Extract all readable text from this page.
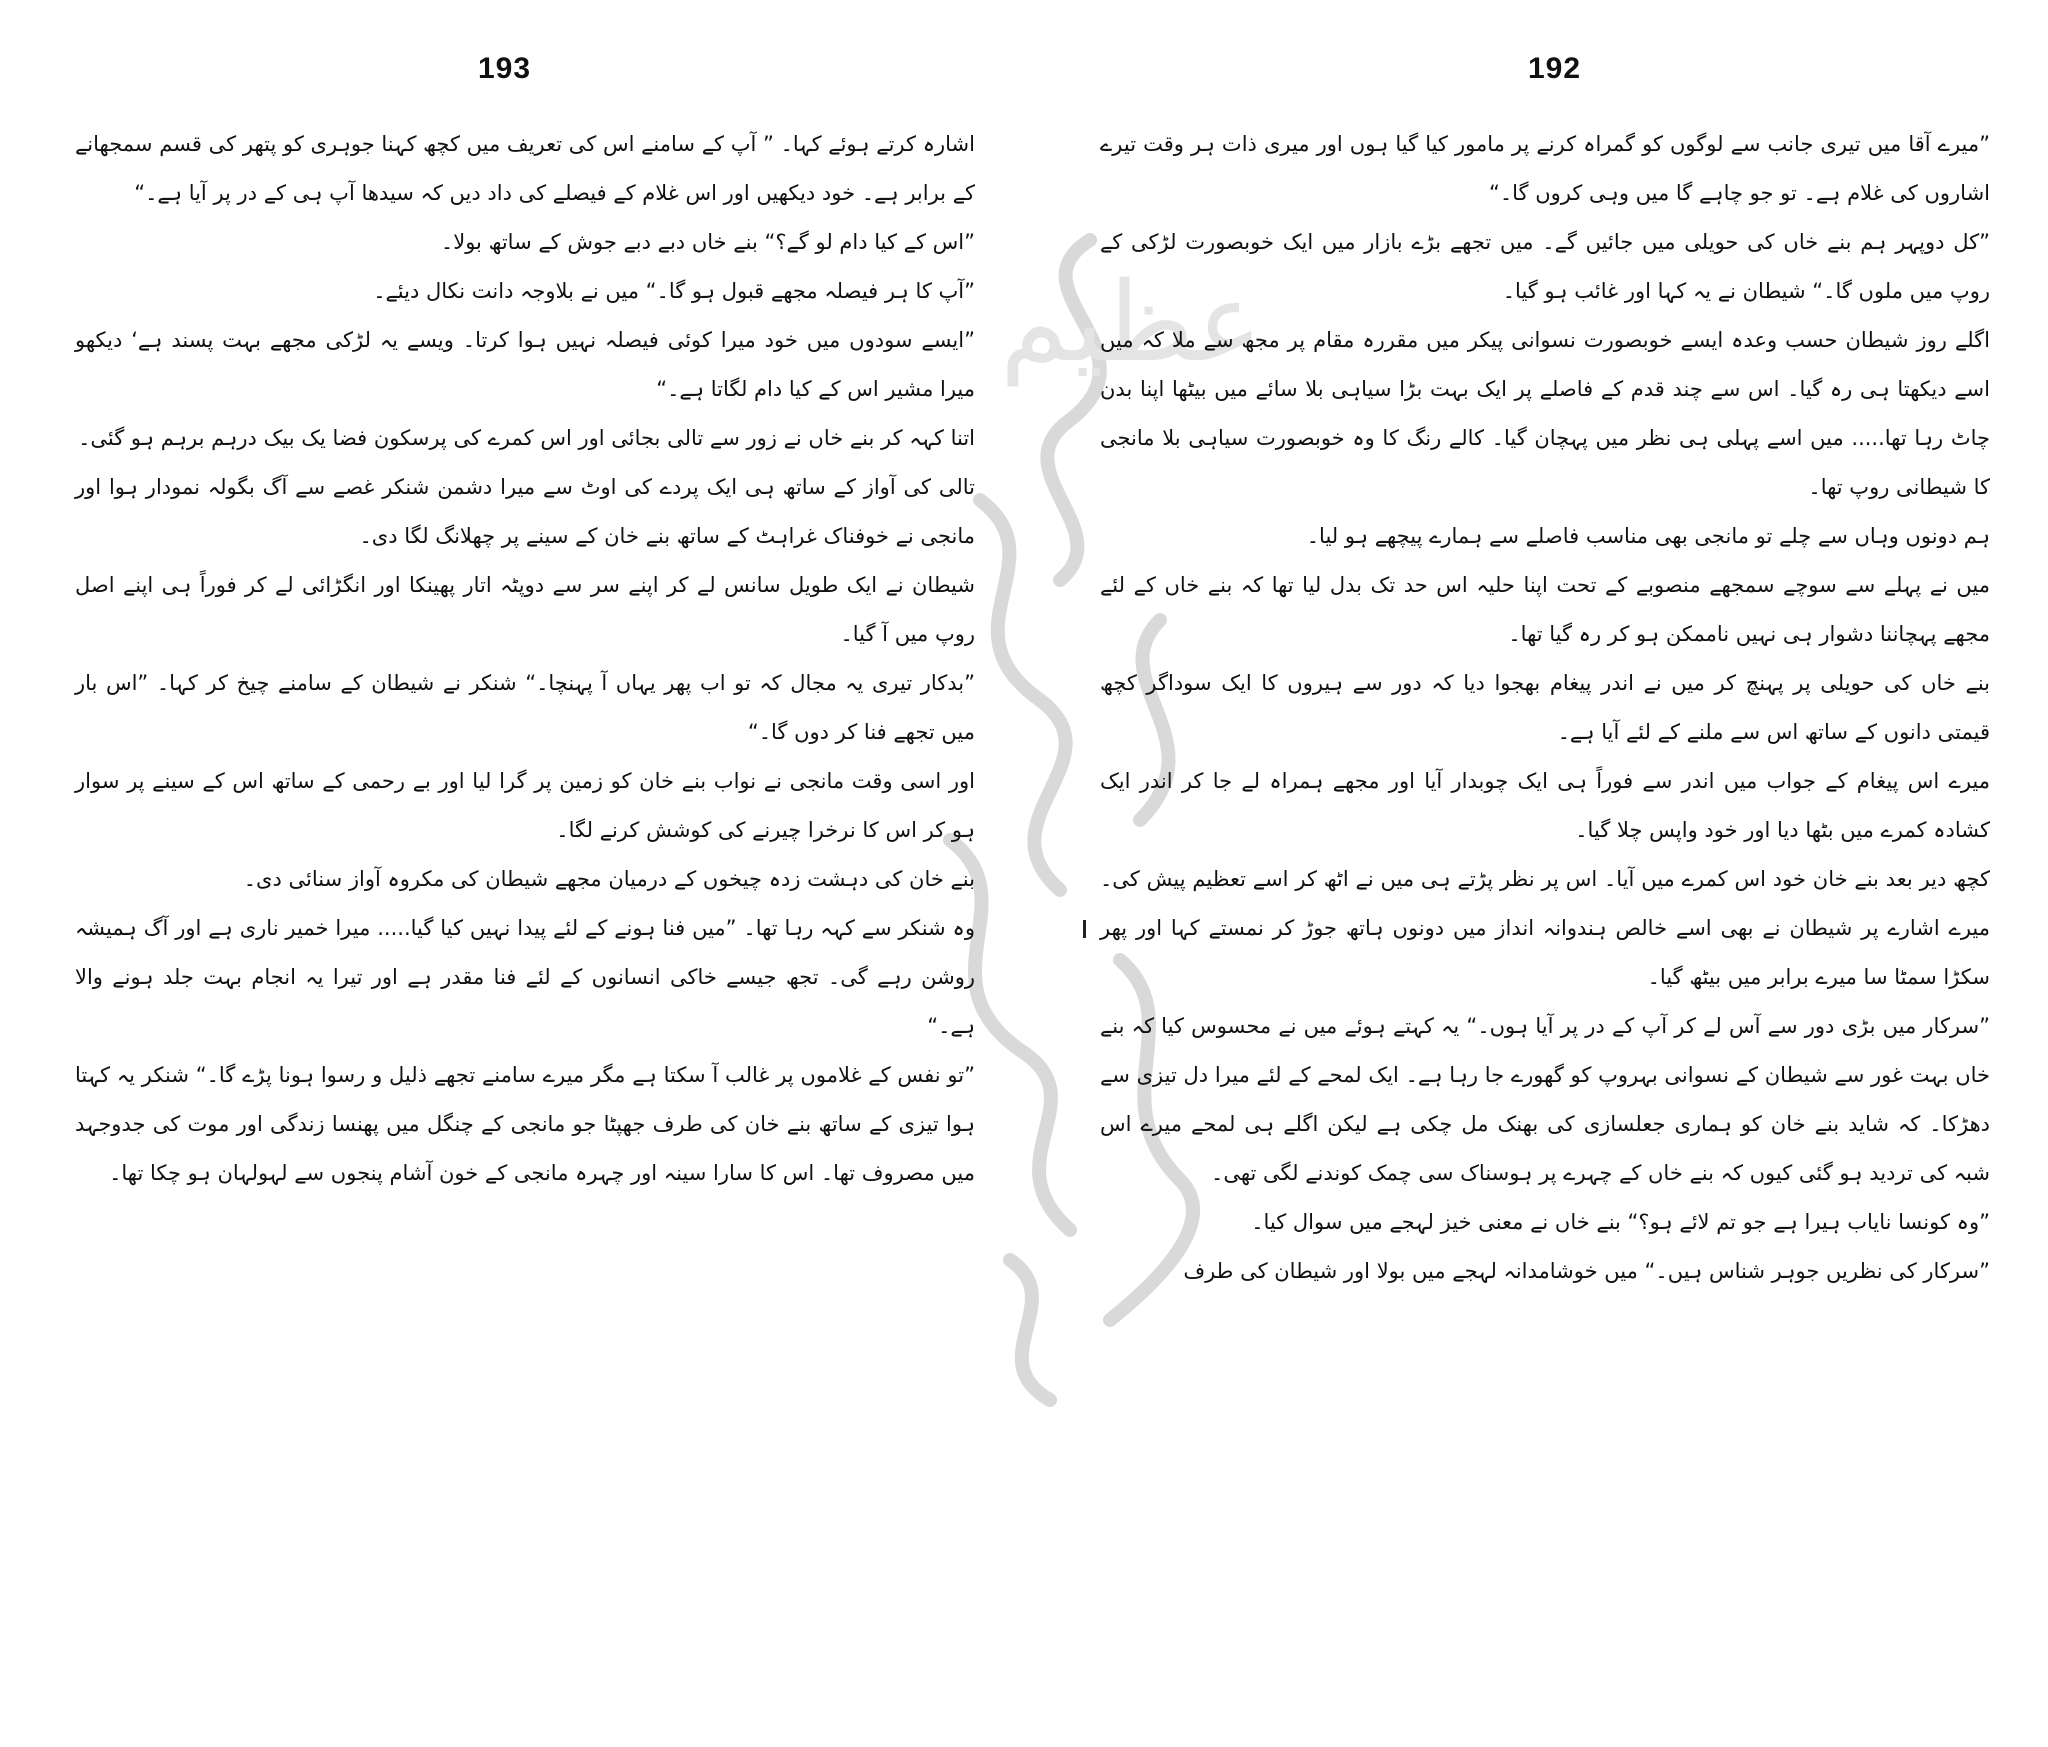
عظیم
193	192

اشارہ کرتے ہوئے کہا۔ ” آپ کے سامنے اس کی تعریف میں کچھ کہنا جوہری کو پتھر کی قسم سمجھانے کے برابر ہے۔ خود دیکھیں اور اس غلام کے فیصلے کی داد دیں کہ سیدھا آپ ہی کے در پر آیا ہے۔“

”اس کے کیا دام لو گے؟“ بنے خاں دبے دبے جوش کے ساتھ بولا۔

”آپ کا ہر فیصلہ مجھے قبول ہو گا۔“ میں نے بلاوجہ دانت نکال دیئے۔

”ایسے سودوں میں خود میرا کوئی فیصلہ نہیں ہوا کرتا۔ ویسے یہ لڑکی مجھے بہت پسند ہے‘ دیکھو میرا مشیر اس کے کیا دام لگاتا ہے۔“

اتنا کہہ کر بنے خاں نے زور سے تالی بجائی اور اس کمرے کی پرسکون فضا یک بیک درہم برہم ہو گئی۔

تالی کی آواز کے ساتھ ہی ایک پردے کی اوٹ سے میرا دشمن شنکر غصے سے آگ بگولہ نمودار ہوا اور مانجی نے خوفناک غراہٹ کے ساتھ بنے خان کے سینے پر چھلانگ لگا دی۔

شیطان نے ایک طویل سانس لے کر اپنے سر سے دوپٹہ اتار پھینکا اور انگڑائی لے کر فوراً ہی اپنے اصل روپ میں آ گیا۔

”بدکار تیری یہ مجال کہ تو اب پھر یہاں آ پہنچا۔“ شنکر نے شیطان کے سامنے چیخ کر کہا۔ ”اس بار میں تجھے فنا کر دوں گا۔“

اور اسی وقت مانجی نے نواب بنے خان کو زمین پر گرا لیا اور بے رحمی کے ساتھ اس کے سینے پر سوار ہو کر اس کا نرخرا چیرنے کی کوشش کرنے لگا۔

بنے خان کی دہشت زدہ چیخوں کے درمیان مجھے شیطان کی مکروہ آواز سنائی دی۔

وہ شنکر سے کہہ رہا تھا۔ ”میں فنا ہونے کے لئے پیدا نہیں کیا گیا..... میرا خمیر ناری ہے اور آگ ہمیشہ روشن رہے گی۔ تجھ جیسے خاکی انسانوں کے لئے فنا مقدر ہے اور تیرا یہ انجام بہت جلد ہونے والا ہے۔“

”تو نفس کے غلاموں پر غالب آ سکتا ہے مگر میرے سامنے تجھے ذلیل و رسوا ہونا پڑے گا۔“ شنکر یہ کہتا ہوا تیزی کے ساتھ بنے خان کی طرف جھپٹا جو مانجی کے چنگل میں پھنسا زندگی اور موت کی جدوجہد میں مصروف تھا۔ اس کا سارا سینہ اور چہرہ مانجی کے خون آشام پنجوں سے لہولہان ہو چکا تھا۔

”میرے آقا میں تیری جانب سے لوگوں کو گمراہ کرنے پر مامور کیا گیا ہوں اور میری ذات ہر وقت تیرے اشاروں کی غلام ہے۔ تو جو چاہے گا میں وہی کروں گا۔“

”کل دوپہر ہم بنے خاں کی حویلی میں جائیں گے۔ میں تجھے بڑے بازار میں ایک خوبصورت لڑکی کے روپ میں ملوں گا۔“ شیطان نے یہ کہا اور غائب ہو گیا۔

اگلے روز شیطان حسب وعدہ ایسے خوبصورت نسوانی پیکر میں مقررہ مقام پر مجھ سے ملا کہ میں اسے دیکھتا ہی رہ گیا۔ اس سے چند قدم کے فاصلے پر ایک بہت بڑا سیاہی بلا سائے میں بیٹھا اپنا بدن چاٹ رہا تھا..... میں اسے پہلی ہی نظر میں پہچان گیا۔ کالے رنگ کا وہ خوبصورت سیاہی بلا مانجی کا شیطانی روپ تھا۔

ہم دونوں وہاں سے چلے تو مانجی بھی مناسب فاصلے سے ہمارے پیچھے ہو لیا۔

میں نے پہلے سے سوچے سمجھے منصوبے کے تحت اپنا حلیہ اس حد تک بدل لیا تھا کہ بنے خاں کے لئے مجھے پہچاننا دشوار ہی نہیں ناممکن ہو کر رہ گیا تھا۔

بنے خاں کی حویلی پر پہنچ کر میں نے اندر پیغام بھجوا دیا کہ دور سے ہیروں کا ایک سوداگر کچھ قیمتی دانوں کے ساتھ اس سے ملنے کے لئے آیا ہے۔

میرے اس پیغام کے جواب میں اندر سے فوراً ہی ایک چوبدار آیا اور مجھے ہمراہ لے جا کر اندر ایک کشادہ کمرے میں بٹھا دیا اور خود واپس چلا گیا۔

کچھ دیر بعد بنے خان خود اس کمرے میں آیا۔ اس پر نظر پڑتے ہی میں نے اٹھ کر اسے تعظیم پیش کی۔ میرے اشارے پر شیطان نے بھی اسے خالص ہندوانہ انداز میں دونوں ہاتھ جوڑ کر نمستے کہا اور پھر سکڑا سمٹا سا میرے برابر میں بیٹھ گیا۔

”سرکار میں بڑی دور سے آس لے کر آپ کے در پر آیا ہوں۔“ یہ کہتے ہوئے میں نے محسوس کیا کہ بنے خاں بہت غور سے شیطان کے نسوانی بہروپ کو گھورے جا رہا ہے۔ ایک لمحے کے لئے میرا دل تیزی سے دھڑکا۔ کہ شاید بنے خان کو ہماری جعلسازی کی بھنک مل چکی ہے لیکن اگلے ہی لمحے میرے اس شبہ کی تردید ہو گئی کیوں کہ بنے خاں کے چہرے پر ہوسناک سی چمک کوندنے لگی تھی۔

”وہ کونسا نایاب ہیرا ہے جو تم لائے ہو؟“ بنے خاں نے معنی خیز لہجے میں سوال کیا۔

”سرکار کی نظریں جوہر شناس ہیں۔“ میں خوشامدانہ لہجے میں بولا اور شیطان کی طرف
